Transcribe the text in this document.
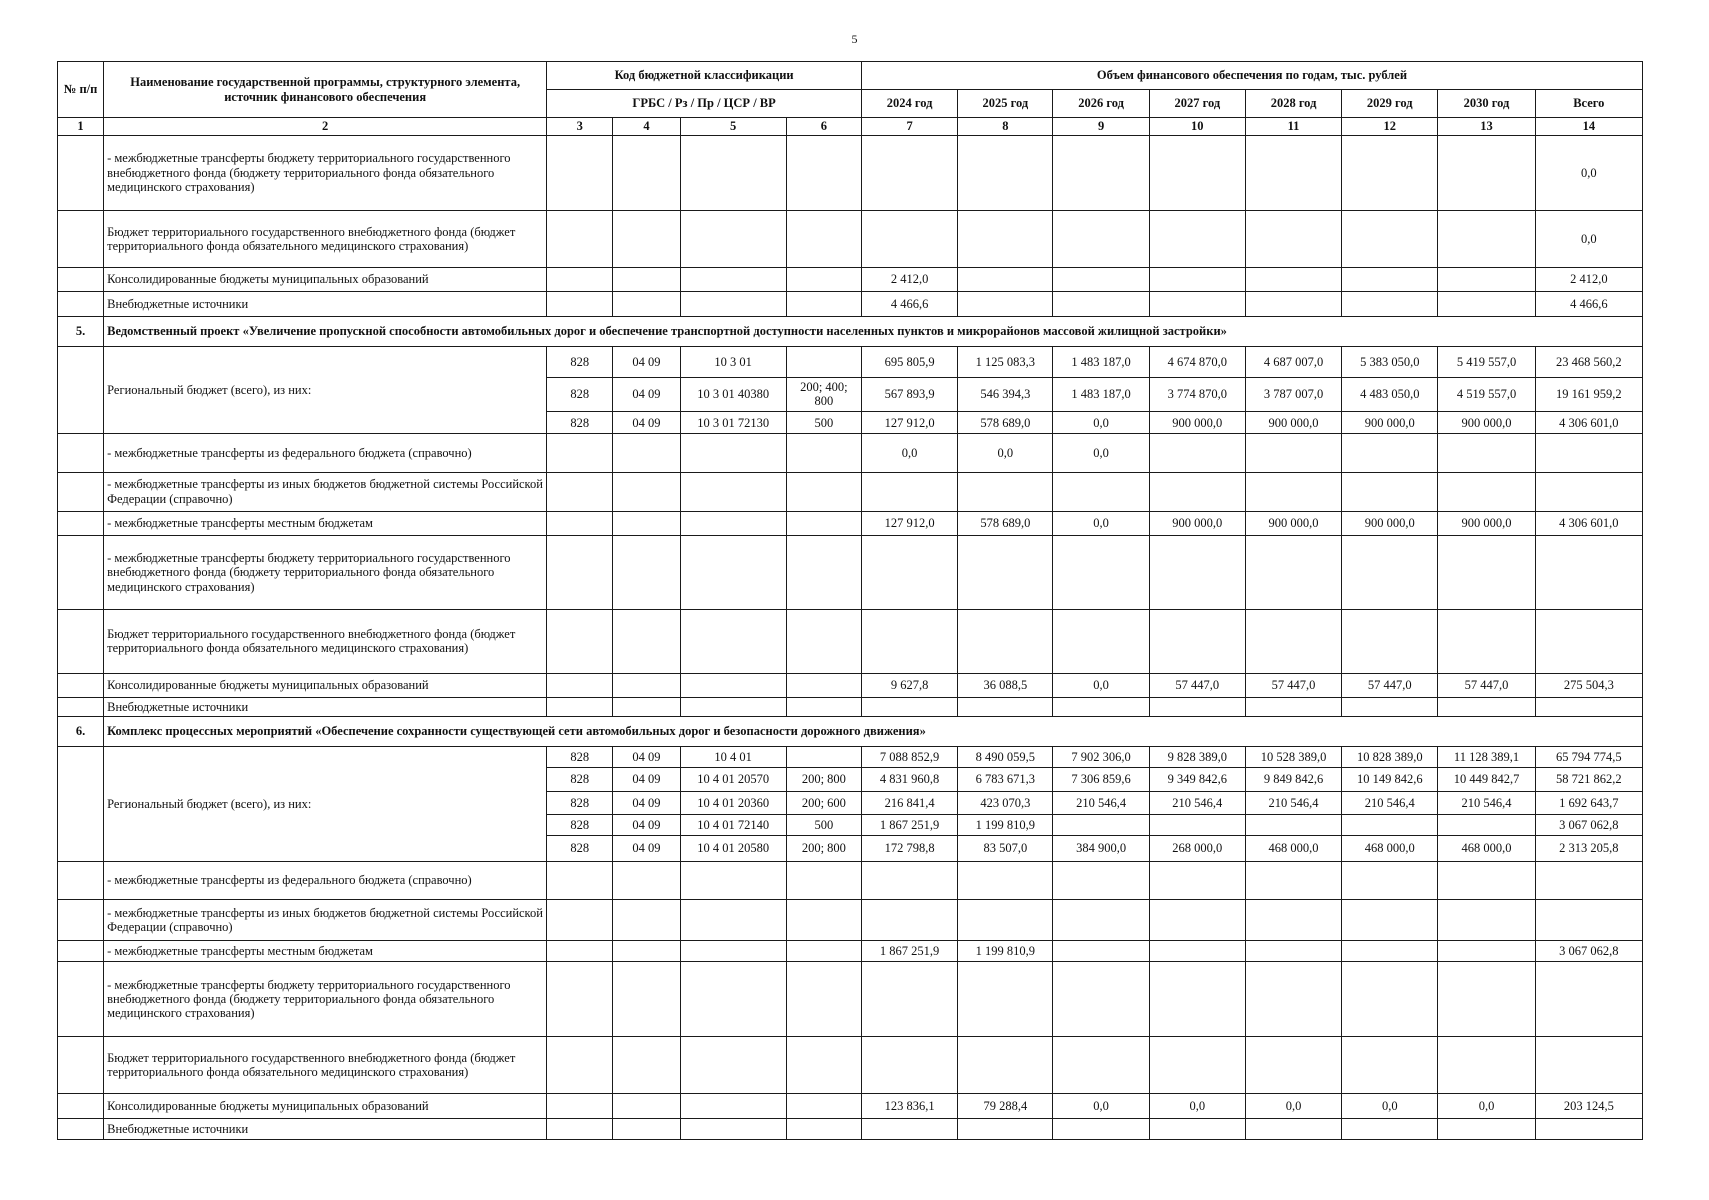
5
№ п/п	Наименование государственной программы, структурного элемента, источник финансового обеспечения	Код бюджетной классификации				Объем финансового обеспечения по годам, тыс. рублей							
		ГРБС / Рз / Пр / ЦСР / ВР				2024 год	2025 год	2026 год	2027 год	2028 год	2029 год	2030 год	Всего
1	2	3	4	5	6	7	8	9	10	11	12	13	14
	- межбюджетные трансферты бюджету территориального государственного внебюджетного фонда (бюджету территориального фонда обязательного медицинского страхования)												0,0
	Бюджет территориального государственного внебюджетного фонда (бюджет территориального фонда обязательного медицинского страхования)												0,0
	Консолидированные бюджеты муниципальных образований					2 412,0							2 412,0
	Внебюджетные источники					4 466,6							4 466,6
5.	Ведомственный проект «Увеличение пропускной способности автомобильных дорог и обеспечение транспортной доступности населенных пунктов и микрорайонов массовой жилищной застройки»												
	Региональный бюджет (всего), из них:	828	04 09	10 3 01		695 805,9	1 125 083,3	1 483 187,0	4 674 870,0	4 687 007,0	5 383 050,0	5 419 557,0	23 468 560,2
		828	04 09	10 3 01 40380	200; 400; 800	567 893,9	546 394,3	1 483 187,0	3 774 870,0	3 787 007,0	4 483 050,0	4 519 557,0	19 161 959,2
		828	04 09	10 3 01 72130	500	127 912,0	578 689,0	0,0	900 000,0	900 000,0	900 000,0	900 000,0	4 306 601,0
	- межбюджетные трансферты из федерального бюджета (справочно)					0,0	0,0	0,0					
	- межбюджетные трансферты из иных бюджетов бюджетной системы Российской Федерации (справочно)												
	- межбюджетные трансферты местным бюджетам					127 912,0	578 689,0	0,0	900 000,0	900 000,0	900 000,0	900 000,0	4 306 601,0
	- межбюджетные трансферты бюджету территориального государственного внебюджетного фонда (бюджету территориального фонда обязательного медицинского страхования)												
	Бюджет территориального государственного внебюджетного фонда (бюджет территориального фонда обязательного медицинского страхования)												
	Консолидированные бюджеты муниципальных образований					9 627,8	36 088,5	0,0	57 447,0	57 447,0	57 447,0	57 447,0	275 504,3
	Внебюджетные источники												
6.	Комплекс процессных мероприятий «Обеспечение сохранности существующей сети автомобильных дорог и безопасности дорожного движения»												
	Региональный бюджет (всего), из них:	828	04 09	10 4 01		7 088 852,9	8 490 059,5	7 902 306,0	9 828 389,0	10 528 389,0	10 828 389,0	11 128 389,1	65 794 774,5
		828	04 09	10 4 01 20570	200; 800	4 831 960,8	6 783 671,3	7 306 859,6	9 349 842,6	9 849 842,6	10 149 842,6	10 449 842,7	58 721 862,2
		828	04 09	10 4 01 20360	200; 600	216 841,4	423 070,3	210 546,4	210 546,4	210 546,4	210 546,4	210 546,4	1 692 643,7
		828	04 09	10 4 01 72140	500	1 867 251,9	1 199 810,9						3 067 062,8
		828	04 09	10 4 01 20580	200; 800	172 798,8	83 507,0	384 900,0	268 000,0	468 000,0	468 000,0	468 000,0	2 313 205,8
	- межбюджетные трансферты из федерального бюджета (справочно)												
	- межбюджетные трансферты из иных бюджетов бюджетной системы Российской Федерации (справочно)												
	- межбюджетные трансферты местным бюджетам					1 867 251,9	1 199 810,9						3 067 062,8
	- межбюджетные трансферты бюджету территориального государственного внебюджетного фонда (бюджету территориального фонда обязательного медицинского страхования)												
	Бюджет территориального государственного внебюджетного фонда (бюджет территориального фонда обязательного медицинского страхования)												
	Консолидированные бюджеты муниципальных образований					123 836,1	79 288,4	0,0	0,0	0,0	0,0	0,0	203 124,5
	Внебюджетные источники												
